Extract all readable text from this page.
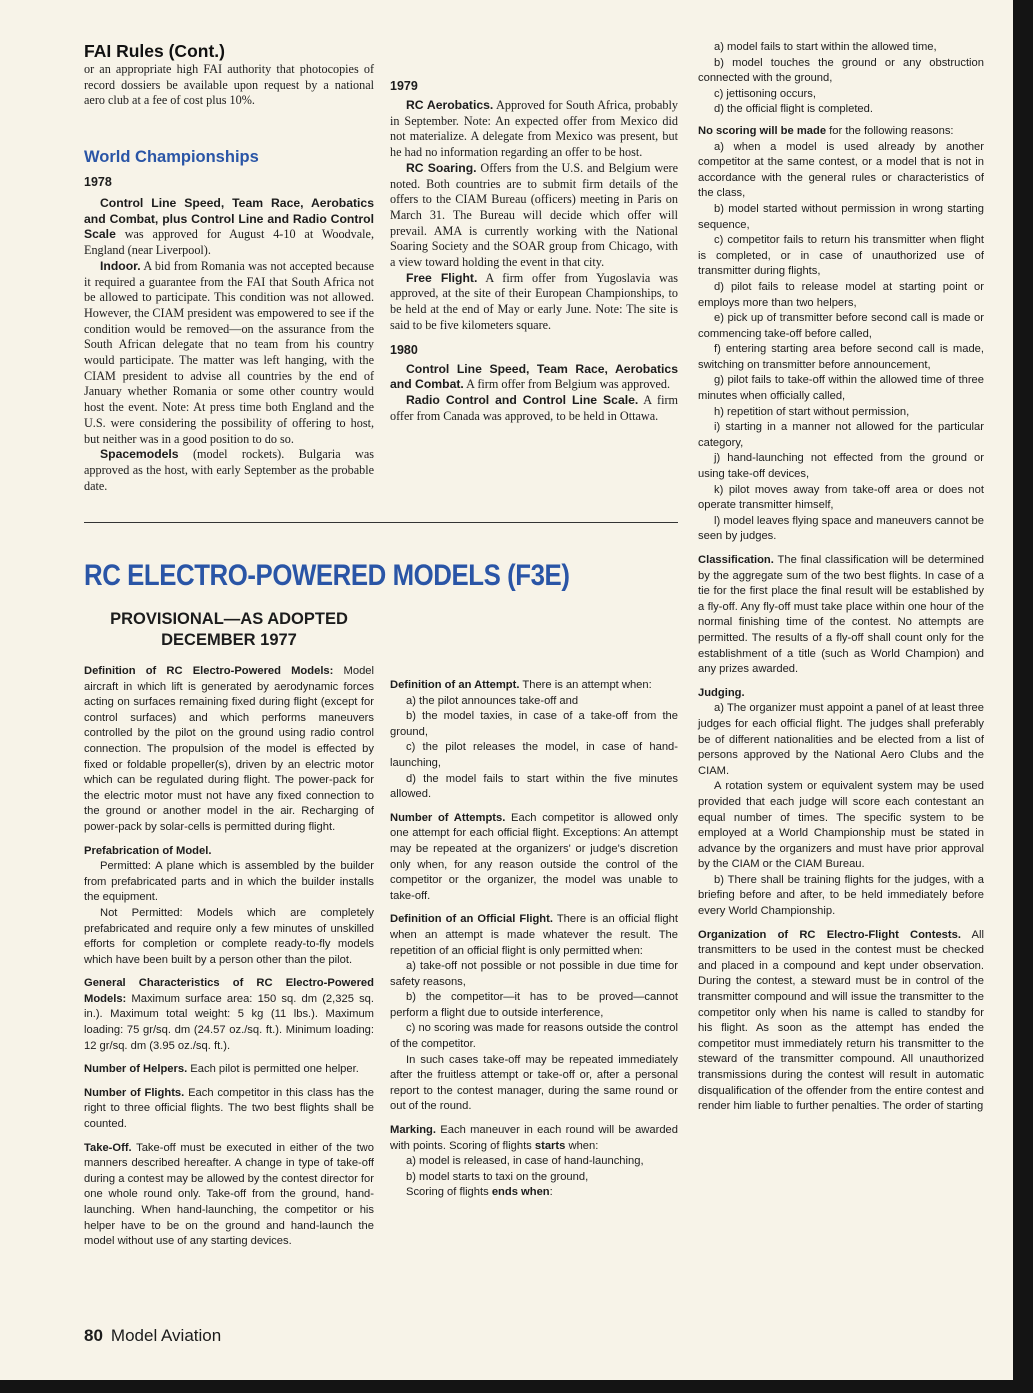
FAI Rules (Cont.)

or an appropriate high FAI authority that photocopies of record dossiers be available upon request by a national aero club at a fee of cost plus 10%.

World Championships
1978

Control Line Speed, Team Race, Aerobatics and Combat, plus Control Line and Radio Control Scale was approved for August 4-10 at Woodvale, England (near Liverpool).

Indoor. A bid from Romania was not accepted because it required a guarantee from the FAI that South Africa not be allowed to participate. This condition was not allowed. However, the CIAM president was empowered to see if the condition would be removed—on the assurance from the South African delegate that no team from his country would participate. The matter was left hanging, with the CIAM president to advise all countries by the end of January whether Romania or some other country would host the event. Note: At press time both England and the U.S. were considering the possibility of offering to host, but neither was in a good position to do so.

Spacemodels (model rockets). Bulgaria was approved as the host, with early September as the probable date.

1979

RC Aerobatics. Approved for South Africa, probably in September. Note: An expected offer from Mexico did not materialize. A delegate from Mexico was present, but he had no information regarding an offer to be host.

RC Soaring. Offers from the U.S. and Belgium were noted. Both countries are to submit firm details of the offers to the CIAM Bureau (officers) meeting in Paris on March 31. The Bureau will decide which offer will prevail. AMA is currently working with the National Soaring Society and the SOAR group from Chicago, with a view toward holding the event in that city.

Free Flight. A firm offer from Yugoslavia was approved, at the site of their European Championships, to be held at the end of May or early June. Note: The site is said to be five kilometers square.

1980

Control Line Speed, Team Race, Aerobatics and Combat. A firm offer from Belgium was approved.

Radio Control and Control Line Scale. A firm offer from Canada was approved, to be held in Ottawa.

RC ELECTRO-POWERED MODELS (F3E)
PROVISIONAL—AS ADOPTED
DECEMBER 1977

Definition of RC Electro-Powered Models: Model aircraft in which lift is generated by aerodynamic forces acting on surfaces remaining fixed during flight (except for control surfaces) and which performs maneuvers controlled by the pilot on the ground using radio control connection. The propulsion of the model is effected by fixed or foldable propeller(s), driven by an electric motor which can be regulated during flight. The power-pack for the electric motor must not have any fixed connection to the ground or another model in the air. Recharging of power-pack by solar-cells is permitted during flight.

Prefabrication of Model.

Permitted: A plane which is assembled by the builder from prefabricated parts and in which the builder installs the equipment.

Not Permitted: Models which are completely prefabricated and require only a few minutes of unskilled efforts for completion or complete ready-to-fly models which have been built by a person other than the pilot.

General Characteristics of RC Electro-Powered Models: Maximum surface area: 150 sq. dm (2,325 sq. in.). Maximum total weight: 5 kg (11 lbs.). Maximum loading: 75 gr/sq. dm (24.57 oz./sq. ft.). Minimum loading: 12 gr/sq. dm (3.95 oz./sq. ft.).

Number of Helpers. Each pilot is permitted one helper.

Number of Flights. Each competitor in this class has the right to three official flights. The two best flights shall be counted.

Take-Off. Take-off must be executed in either of the two manners described hereafter. A change in type of take-off during a contest may be allowed by the contest director for one whole round only. Take-off from the ground, hand-launching. When hand-launching, the competitor or his helper have to be on the ground and hand-launch the model without use of any starting devices.

Definition of an Attempt. There is an attempt when:

a) the pilot announces take-off and

b) the model taxies, in case of a take-off from the ground,

c) the pilot releases the model, in case of hand-launching,

d) the model fails to start within the five minutes allowed.

Number of Attempts. Each competitor is allowed only one attempt for each official flight. Exceptions: An attempt may be repeated at the organizers' or judge's discretion only when, for any reason outside the control of the competitor or the organizer, the model was unable to take-off.

Definition of an Official Flight. There is an official flight when an attempt is made whatever the result. The repetition of an official flight is only permitted when:

a) take-off not possible or not possible in due time for safety reasons,

b) the competitor—it has to be proved—cannot perform a flight due to outside interference,

c) no scoring was made for reasons outside the control of the competitor.

In such cases take-off may be repeated immediately after the fruitless attempt or take-off or, after a personal report to the contest manager, during the same round or out of the round.

Marking. Each maneuver in each round will be awarded with points. Scoring of flights starts when:

a) model is released, in case of hand-launching,

b) model starts to taxi on the ground,

Scoring of flights ends when:

a) model fails to start within the allowed time,

b) model touches the ground or any obstruction connected with the ground,

c) jettisoning occurs,

d) the official flight is completed.

No scoring will be made for the following reasons:

a) when a model is used already by another competitor at the same contest, or a model that is not in accordance with the general rules or characteristics of the class,

b) model started without permission in wrong starting sequence,

c) competitor fails to return his transmitter when flight is completed, or in case of unauthorized use of transmitter during flights,

d) pilot fails to release model at starting point or employs more than two helpers,

e) pick up of transmitter before second call is made or commencing take-off before called,

f) entering starting area before second call is made, switching on transmitter before announcement,

g) pilot fails to take-off within the allowed time of three minutes when officially called,

h) repetition of start without permission,

i) starting in a manner not allowed for the particular category,

j) hand-launching not effected from the ground or using take-off devices,

k) pilot moves away from take-off area or does not operate transmitter himself,

l) model leaves flying space and maneuvers cannot be seen by judges.

Classification. The final classification will be determined by the aggregate sum of the two best flights. In case of a tie for the first place the final result will be established by a fly-off. Any fly-off must take place within one hour of the normal finishing time of the contest. No attempts are permitted. The results of a fly-off shall count only for the establishment of a title (such as World Champion) and any prizes awarded.

Judging.

a) The organizer must appoint a panel of at least three judges for each official flight. The judges shall preferably be of different nationalities and be elected from a list of persons approved by the National Aero Clubs and the CIAM.

A rotation system or equivalent system may be used provided that each judge will score each contestant an equal number of times. The specific system to be employed at a World Championship must be stated in advance by the organizers and must have prior approval by the CIAM or the CIAM Bureau.

b) There shall be training flights for the judges, with a briefing before and after, to be held immediately before every World Championship.

Organization of RC Electro-Flight Contests. All transmitters to be used in the contest must be checked and placed in a compound and kept under observation. During the contest, a steward must be in control of the transmitter compound and will issue the transmitter to the competitor only when his name is called to standby for his flight. As soon as the attempt has ended the competitor must immediately return his transmitter to the steward of the transmitter compound. All unauthorized transmissions during the contest will result in automatic disqualification of the offender from the entire contest and render him liable to further penalties. The order of starting

80 Model Aviation
